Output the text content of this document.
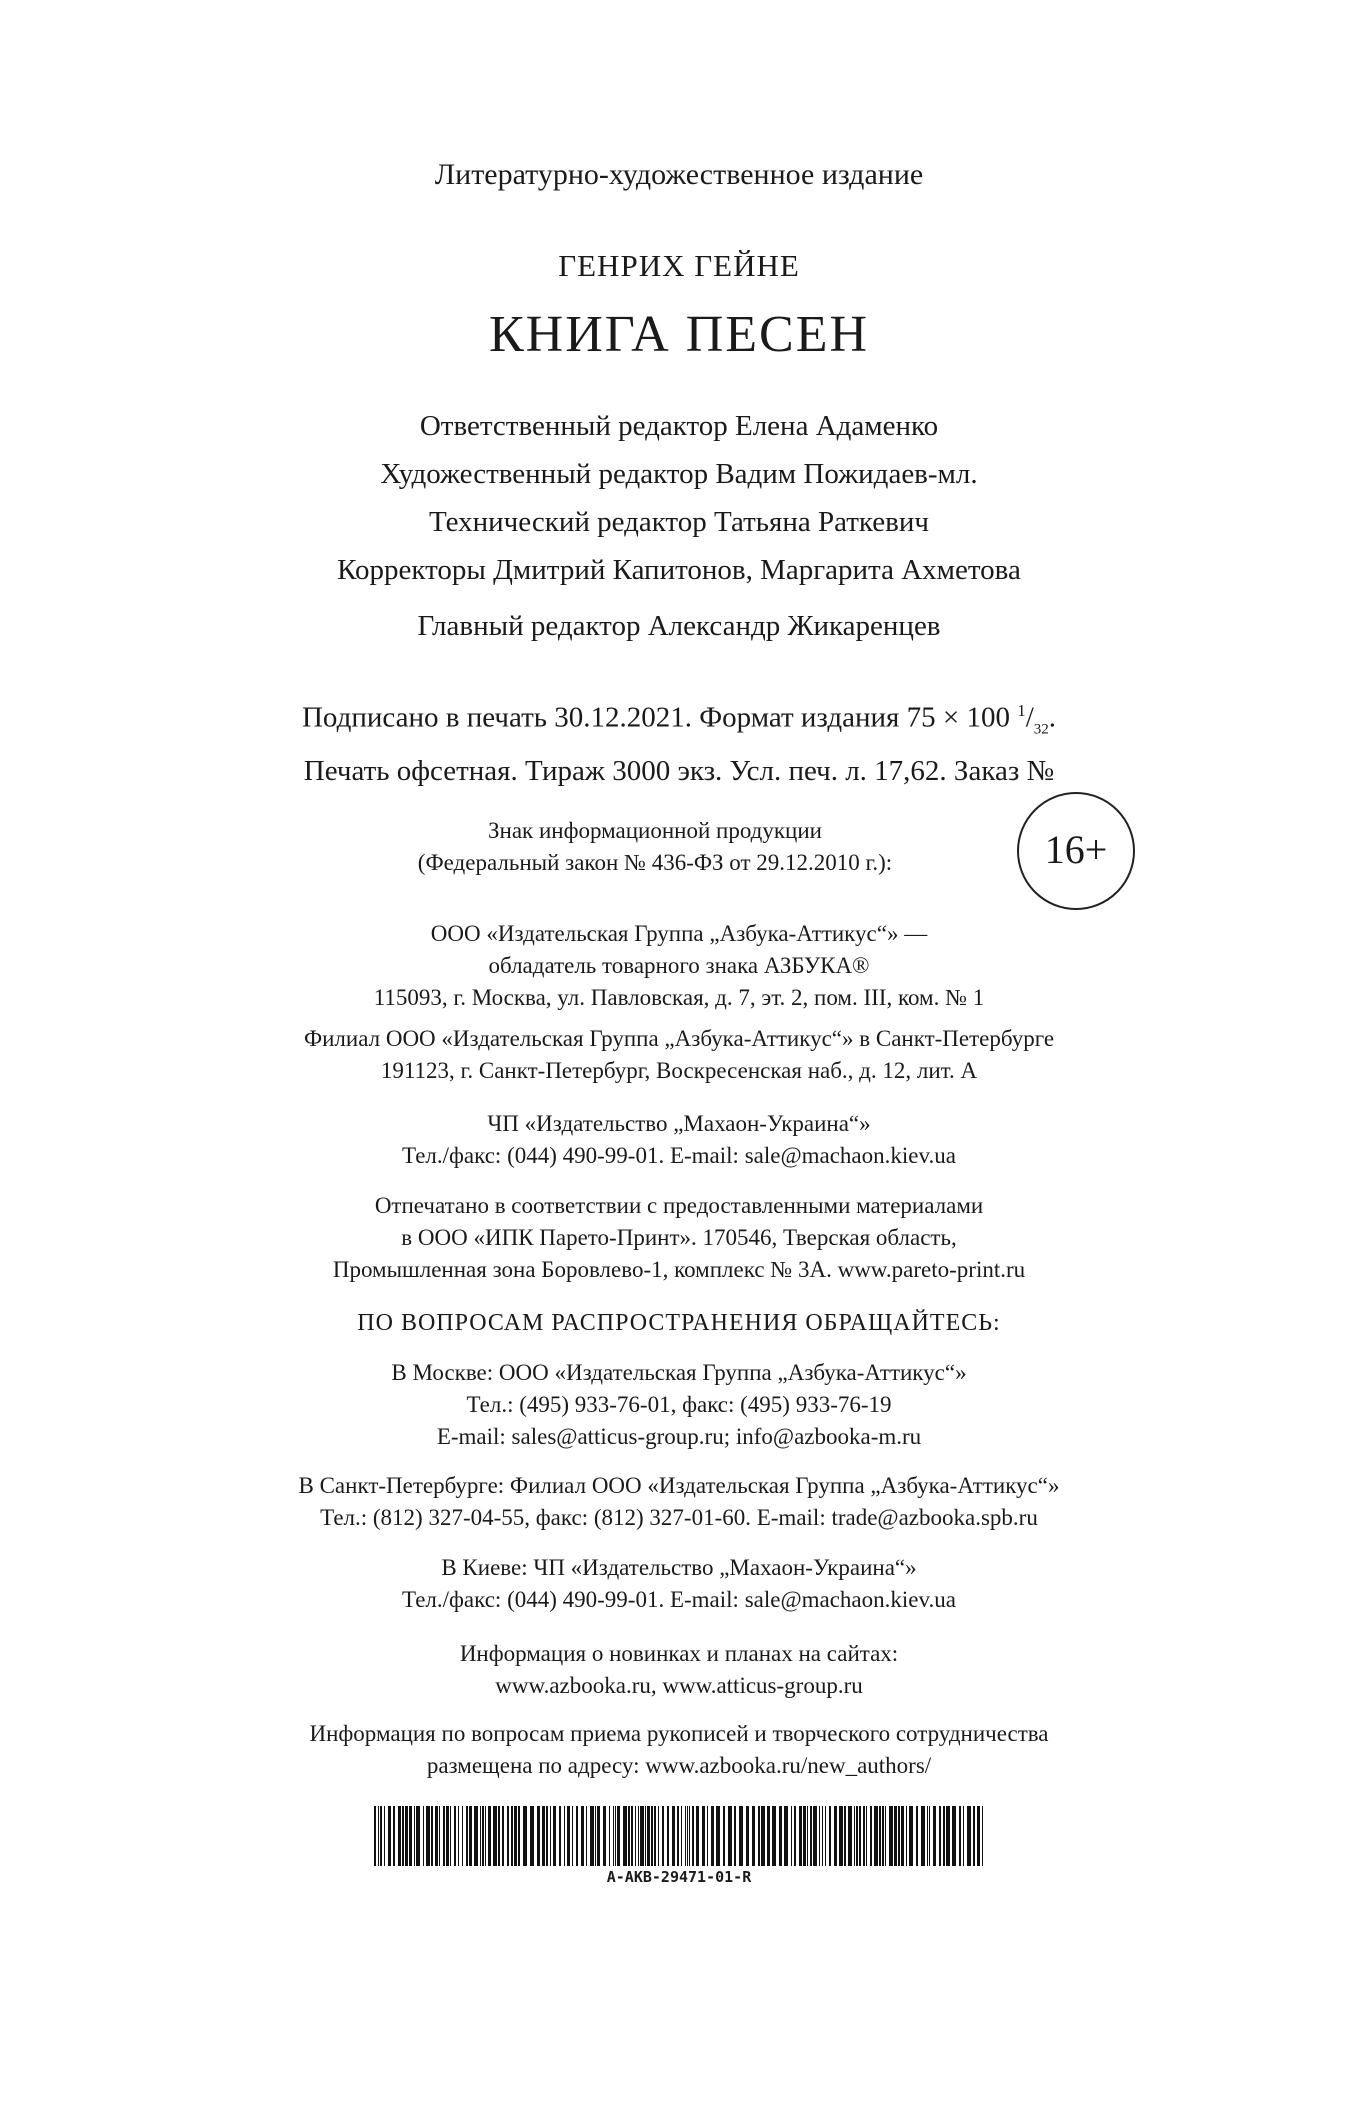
Литературно-художественное издание
ГЕНРИХ ГЕЙНЕ
КНИГА ПЕСЕН
Ответственный редактор Елена Адаменко
Художественный редактор Вадим Пожидаев-мл.
Технический редактор Татьяна Раткевич
Корректоры Дмитрий Капитонов, Маргарита Ахметова
Главный редактор Александр Жикаренцев
Подписано в печать 30.12.2021. Формат издания 75 × 100 $^1/_{32}$.
Печать офсетная. Тираж 3000 экз. Усл. печ. л. 17,62. Заказ №
Знак информационной продукции
(Федеральный закон № 436-ФЗ от 29.12.2010 г.):	16+
ООО «Издательская Группа „Азбука-Аттикус“» —
обладатель товарного знака АЗБУКА®
115093, г. Москва, ул. Павловская, д. 7, эт. 2, пом. III, ком. № 1
Филиал ООО «Издательская Группа „Азбука-Аттикус“» в Санкт-Петербурге
191123, г. Санкт-Петербург, Воскресенская наб., д. 12, лит. А
ЧП «Издательство „Махаон-Украина“»
Тел./факс: (044) 490-99-01. E-mail: sale@machaon.kiev.ua
Отпечатано в соответствии с предоставленными материалами
в ООО «ИПК Парето-Принт». 170546, Тверская область,
Промышленная зона Боровлево-1, комплекс № 3А. www.pareto-print.ru
ПО ВОПРОСАМ РАСПРОСТРАНЕНИЯ ОБРАЩАЙТЕСЬ:
В Москве: ООО «Издательская Группа „Азбука-Аттикус“»
Тел.: (495) 933-76-01, факс: (495) 933-76-19
E-mail: sales@atticus-group.ru; info@azbooka-m.ru
В Санкт-Петербурге: Филиал ООО «Издательская Группа „Азбука-Аттикус“»
Тел.: (812) 327-04-55, факс: (812) 327-01-60. E-mail: trade@azbooka.spb.ru
В Киеве: ЧП «Издательство „Махаон-Украина“»
Тел./факс: (044) 490-99-01. E-mail: sale@machaon.kiev.ua
Информация о новинках и планах на сайтах:
www.azbooka.ru, www.atticus-group.ru
Информация по вопросам приема рукописей и творческого сотрудничества
размещена по адресу: www.azbooka.ru/new_authors/
A-AKB-29471-01-R
